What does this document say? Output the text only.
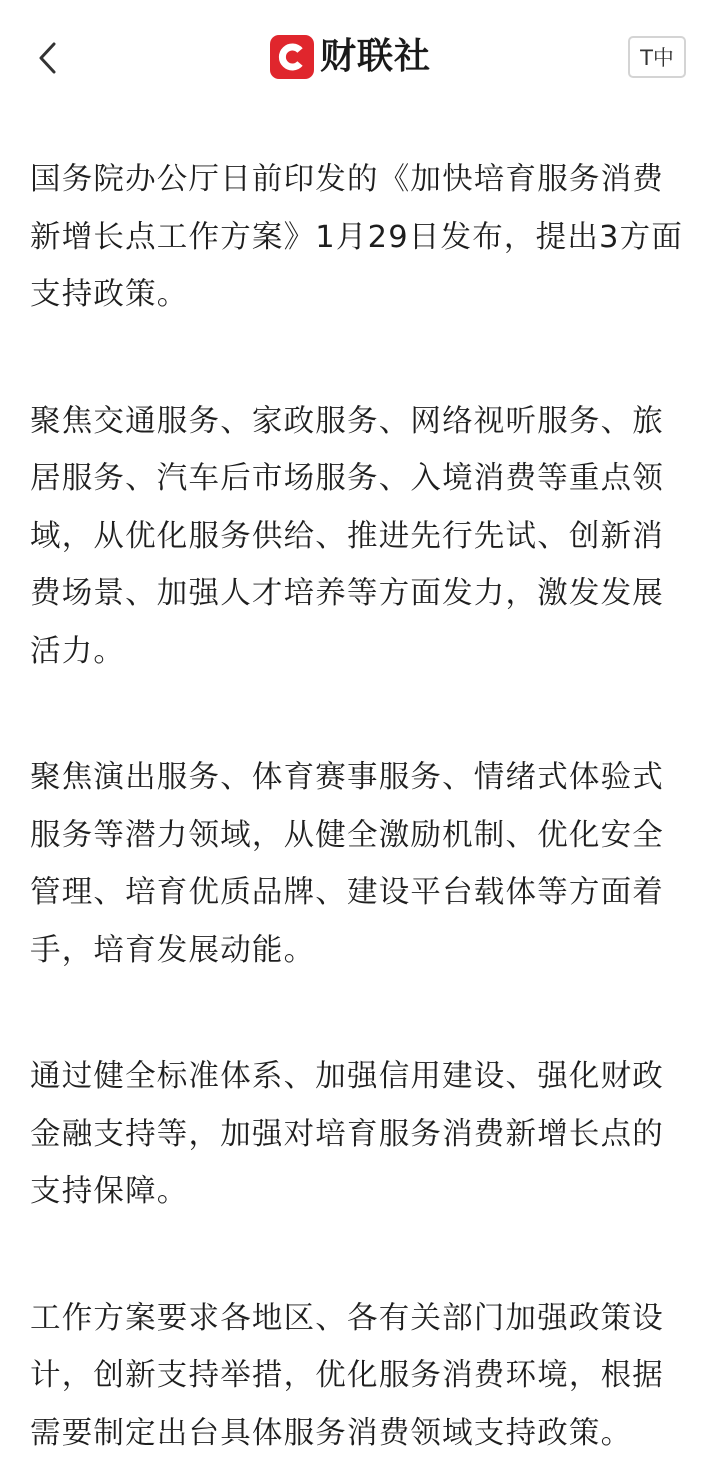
财联社	T中

国务院办公厅日前印发的《加快培育服务消费新增长点工作方案》1月29日发布，提出3方面支持政策。

聚焦交通服务、家政服务、网络视听服务、旅居服务、汽车后市场服务、入境消费等重点领域，从优化服务供给、推进先行先试、创新消费场景、加强人才培养等方面发力，激发发展活力。

聚焦演出服务、体育赛事服务、情绪式体验式服务等潜力领域，从健全激励机制、优化安全管理、培育优质品牌、建设平台载体等方面着手，培育发展动能。

通过健全标准体系、加强信用建设、强化财政金融支持等，加强对培育服务消费新增长点的支持保障。

工作方案要求各地区、各有关部门加强政策设计，创新支持举措，优化服务消费环境，根据需要制定出台具体服务消费领域支持政策。
